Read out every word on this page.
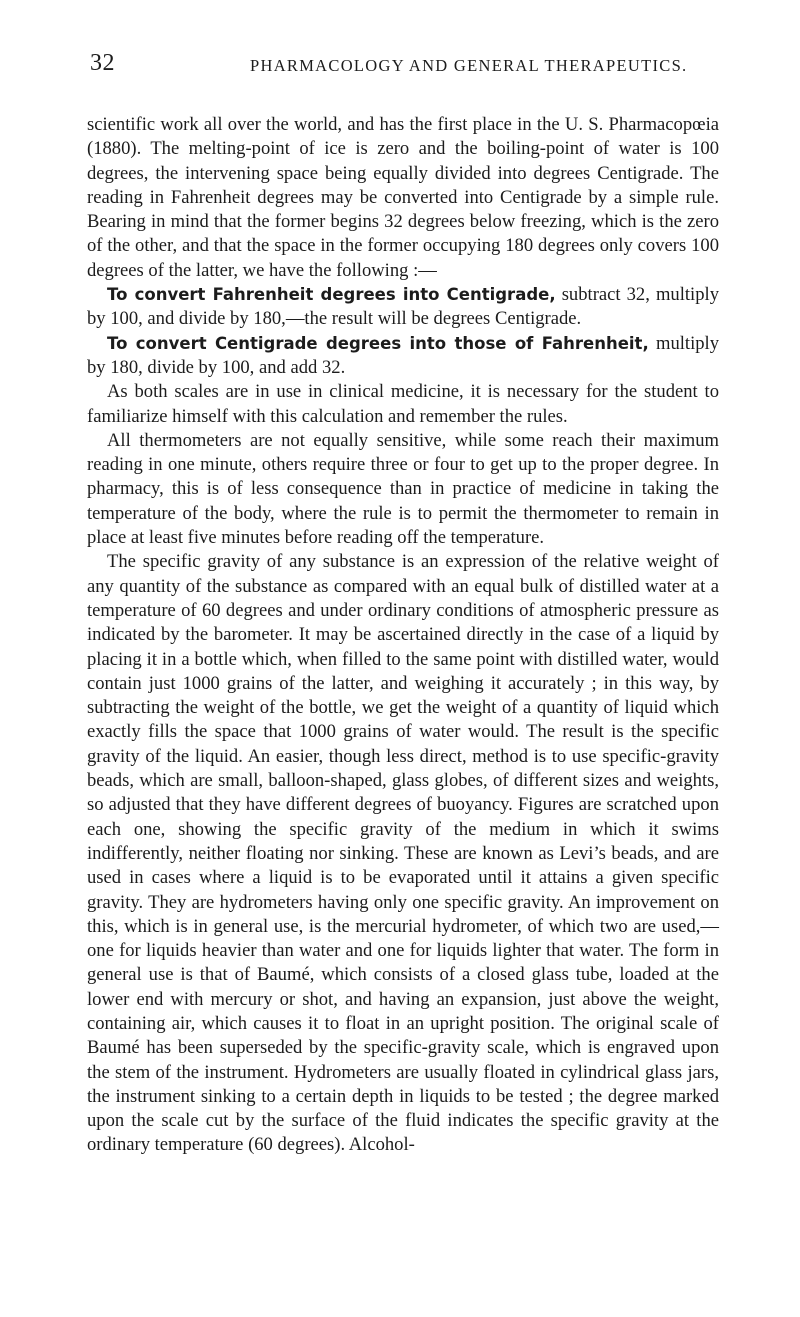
32	PHARMACOLOGY AND GENERAL THERAPEUTICS.

scientific work all over the world, and has the first place in the U. S. Pharmacopœia (1880). The melting-point of ice is zero and the boiling-point of water is 100 degrees, the intervening space being equally divided into degrees Centigrade. The reading in Fahrenheit degrees may be converted into Centigrade by a simple rule. Bearing in mind that the former begins 32 degrees below freezing, which is the zero of the other, and that the space in the former occupying 180 degrees only covers 100 degrees of the latter, we have the following :—

To convert Fahrenheit degrees into Centigrade, subtract 32, multiply by 100, and divide by 180,—the result will be degrees Centigrade.

To convert Centigrade degrees into those of Fahrenheit, multiply by 180, divide by 100, and add 32.

As both scales are in use in clinical medicine, it is necessary for the student to familiarize himself with this calculation and remember the rules.

All thermometers are not equally sensitive, while some reach their maximum reading in one minute, others require three or four to get up to the proper degree. In pharmacy, this is of less consequence than in practice of medicine in taking the temperature of the body, where the rule is to permit the thermometer to remain in place at least five minutes before reading off the temperature.

The specific gravity of any substance is an expression of the relative weight of any quantity of the substance as compared with an equal bulk of distilled water at a temperature of 60 degrees and under ordinary conditions of atmospheric pressure as indicated by the barometer. It may be ascertained directly in the case of a liquid by placing it in a bottle which, when filled to the same point with distilled water, would contain just 1000 grains of the latter, and weighing it accurately ; in this way, by subtracting the weight of the bottle, we get the weight of a quantity of liquid which exactly fills the space that 1000 grains of water would. The result is the specific gravity of the liquid. An easier, though less direct, method is to use specific-gravity beads, which are small, balloon-shaped, glass globes, of different sizes and weights, so adjusted that they have different degrees of buoyancy. Figures are scratched upon each one, showing the specific gravity of the medium in which it swims indifferently, neither floating nor sinking. These are known as Levi’s beads, and are used in cases where a liquid is to be evaporated until it attains a given specific gravity. They are hydrometers having only one specific gravity. An improvement on this, which is in general use, is the mercurial hydrometer, of which two are used,— one for liquids heavier than water and one for liquids lighter that water. The form in general use is that of Baumé, which consists of a closed glass tube, loaded at the lower end with mercury or shot, and having an expansion, just above the weight, containing air, which causes it to float in an upright position. The original scale of Baumé has been superseded by the specific-gravity scale, which is engraved upon the stem of the instrument. Hydrometers are usually floated in cylindrical glass jars, the instrument sinking to a certain depth in liquids to be tested ; the degree marked upon the scale cut by the surface of the fluid indicates the specific gravity at the ordinary temperature (60 degrees). Alcohol-
